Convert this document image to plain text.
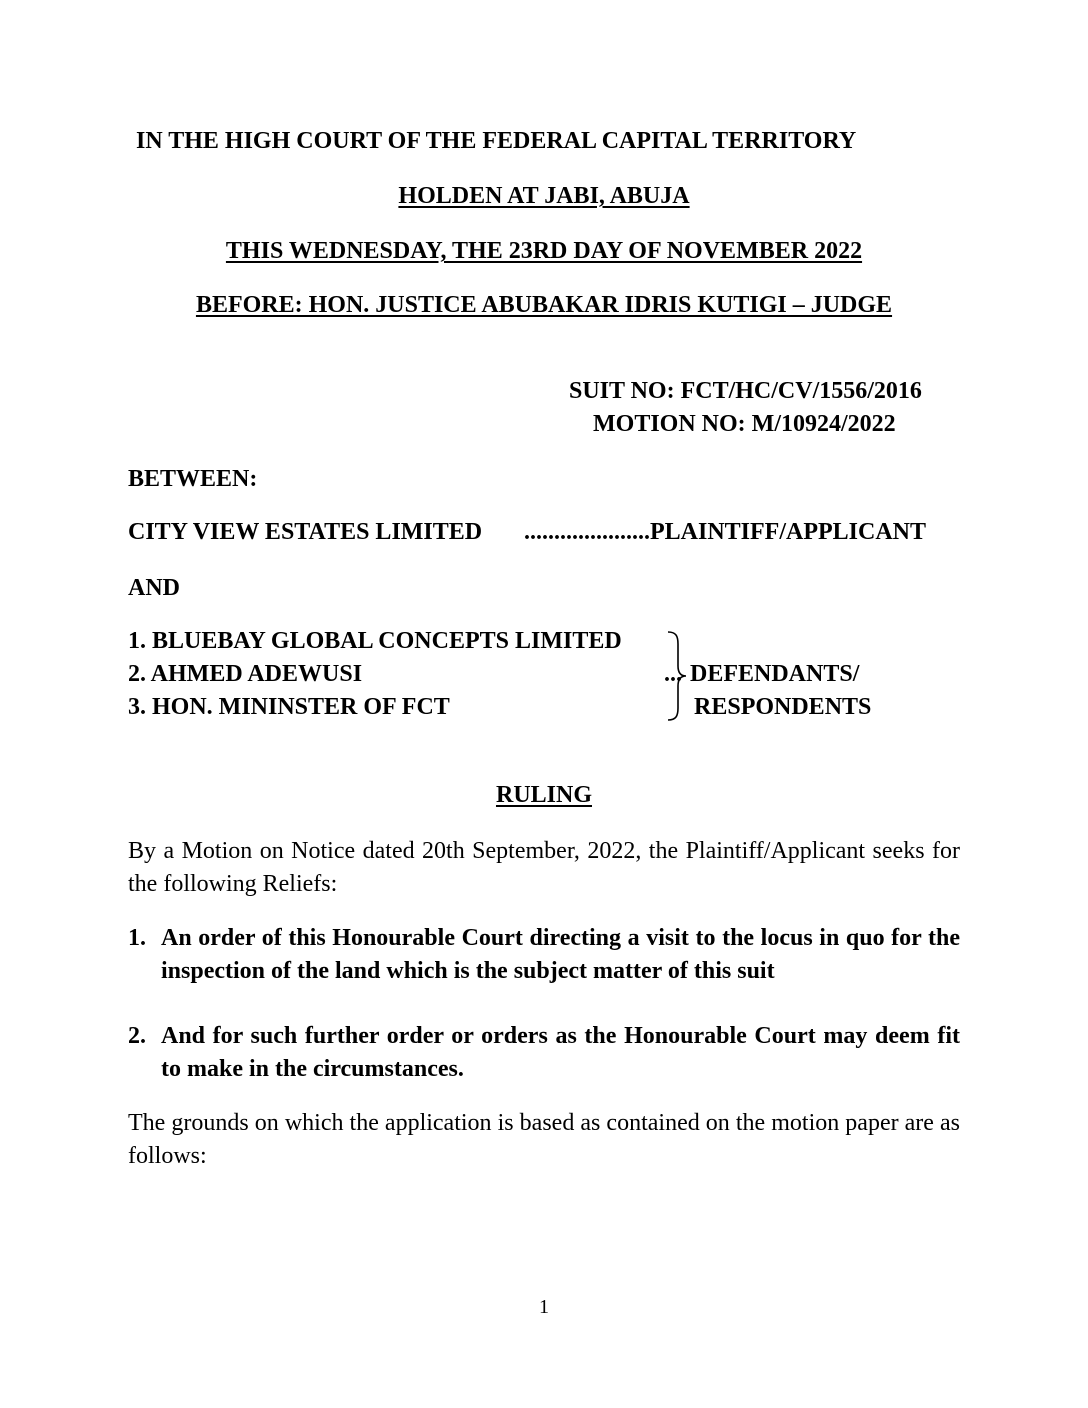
IN THE HIGH COURT OF THE FEDERAL CAPITAL TERRITORY
HOLDEN AT JABI, ABUJA
THIS WEDNESDAY, THE 23RD DAY OF NOVEMBER 2022
BEFORE: HON. JUSTICE ABUBAKAR IDRIS KUTIGI – JUDGE
SUIT NO: FCT/HC/CV/1556/2016
MOTION NO: M/10924/2022
BETWEEN:
CITY VIEW ESTATES LIMITED .....................PLAINTIFF/APPLICANT
AND
1. BLUEBAY GLOBAL CONCEPTS LIMITED
2. AHMED ADEWUSI
3. HON. MININSTER OF FCT
... DEFENDANTS/
RESPONDENTS
RULING
By a Motion on Notice dated 20th September, 2022, the Plaintiff/Applicant seeks for the following Reliefs:
1. An order of this Honourable Court directing a visit to the locus in quo for the inspection of the land which is the subject matter of this suit
2. And for such further order or orders as the Honourable Court may deem fit to make in the circumstances.
The grounds on which the application is based as contained on the motion paper are as follows:
1
